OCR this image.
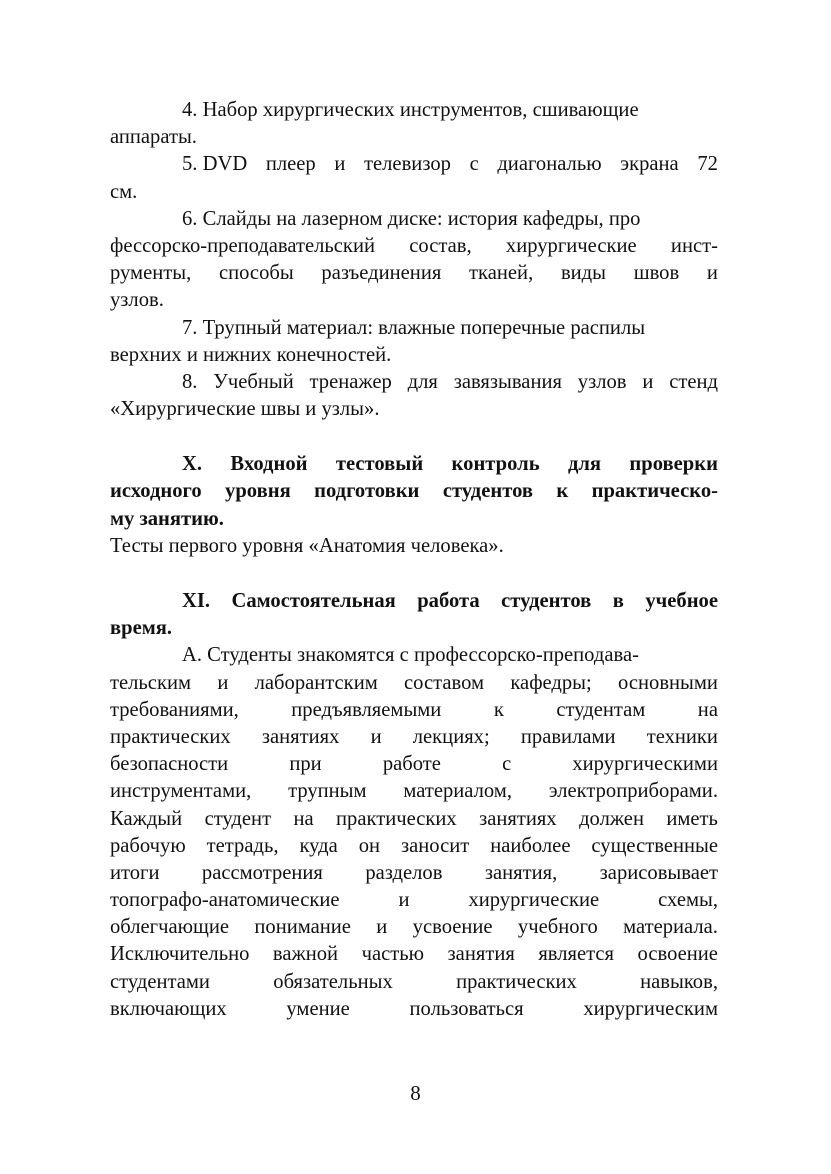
4. Набор хирургических инструментов, сшивающие
аппараты.
5. DVD плеер и телевизор с диагональю экрана 72
см.
6. Слайды на лазерном диске: история кафедры, про
фессорско-преподавательский состав, хирургические инст-
рументы, способы разъединения тканей, виды швов и
узлов.
7. Трупный материал: влажные поперечные распилы
верхних и нижних конечностей.
8. Учебный тренажер для завязывания узлов и стенд
«Хирургические швы и узлы».
X. Входной тестовый контроль для проверки
исходного уровня подготовки студентов к практическо-
му занятию.
Тесты первого уровня «Анатомия человека».
XI. Самостоятельная работа студентов в учебное
время.
А. Студенты знакомятся с профессорско-преподава-
тельским и лаборантским составом кафедры; основными
требованиями,	предъявляемыми	к	студентам	на
практических занятиях и лекциях; правилами техники
безопасности	при	работе	с	хирургическими
инструментами, трупным материалом, электроприборами.
Каждый студент на практических занятиях должен иметь
рабочую тетрадь, куда он заносит наиболее существенные
итоги рассмотрения разделов занятия, зарисовывает
топографо-анатомические	и	хирургические	схемы,
облегчающие понимание и усвоение учебного материала.
Исключительно важной частью занятия является освоение
студентами	обязательных	практических	навыков,
включающих	умение	пользоваться	хирургическим
8
